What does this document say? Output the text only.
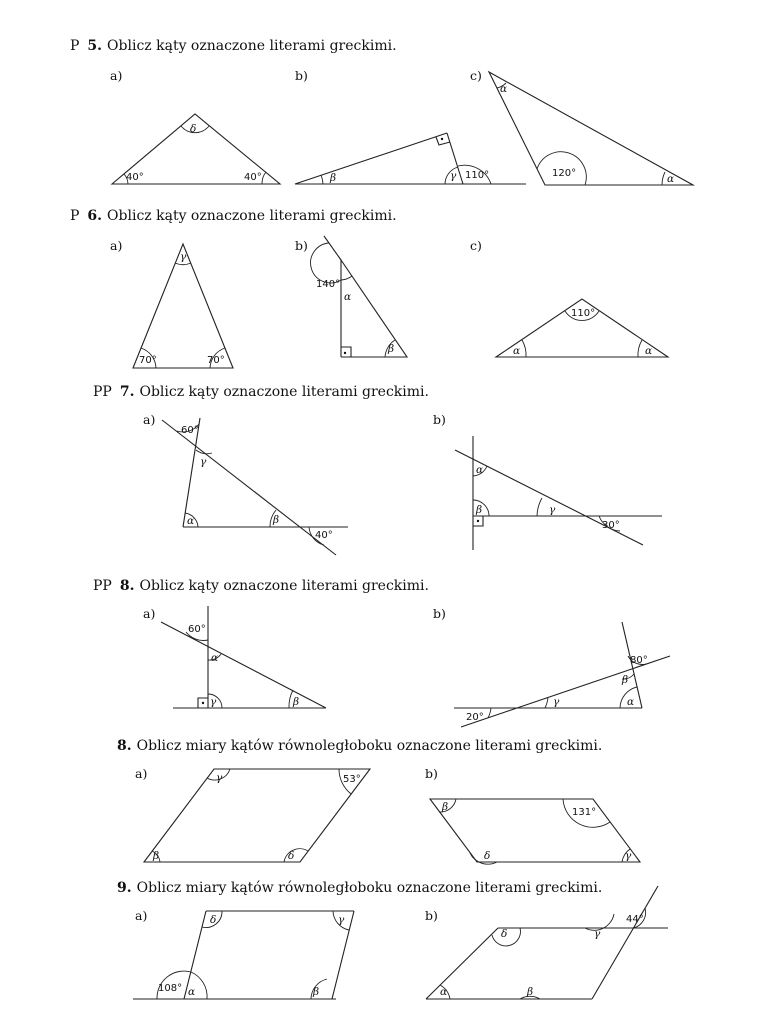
P 5. Oblicz kąty oznaczone literami greckimi.
P 6. Oblicz kąty oznaczone literami greckimi.
PP 7. Oblicz kąty oznaczone literami greckimi.
PP 8. Oblicz kąty oznaczone literami greckimi.
8. Oblicz miary kątów równoległoboku oznaczone literami greckimi.
9. Oblicz miary kątów równoległoboku oznaczone literami greckimi.
a)	b)	c)
a)	b)	c)
a)	b)
a)	b)
a)	b)
a)	b)
δ
40°	40°	β	γ 110°
α
120°	α
γ
70°	70°
140°
α
β
110°
α	α
60°
γ
α	β
40°
α
β	γ
30°
60°
α
γ	β
80°
β
γ	α
20°
γ	53°
β	δ
β	131°
δ	γ
δ	γ
108° α	β
δ	γ
44°
α	β
